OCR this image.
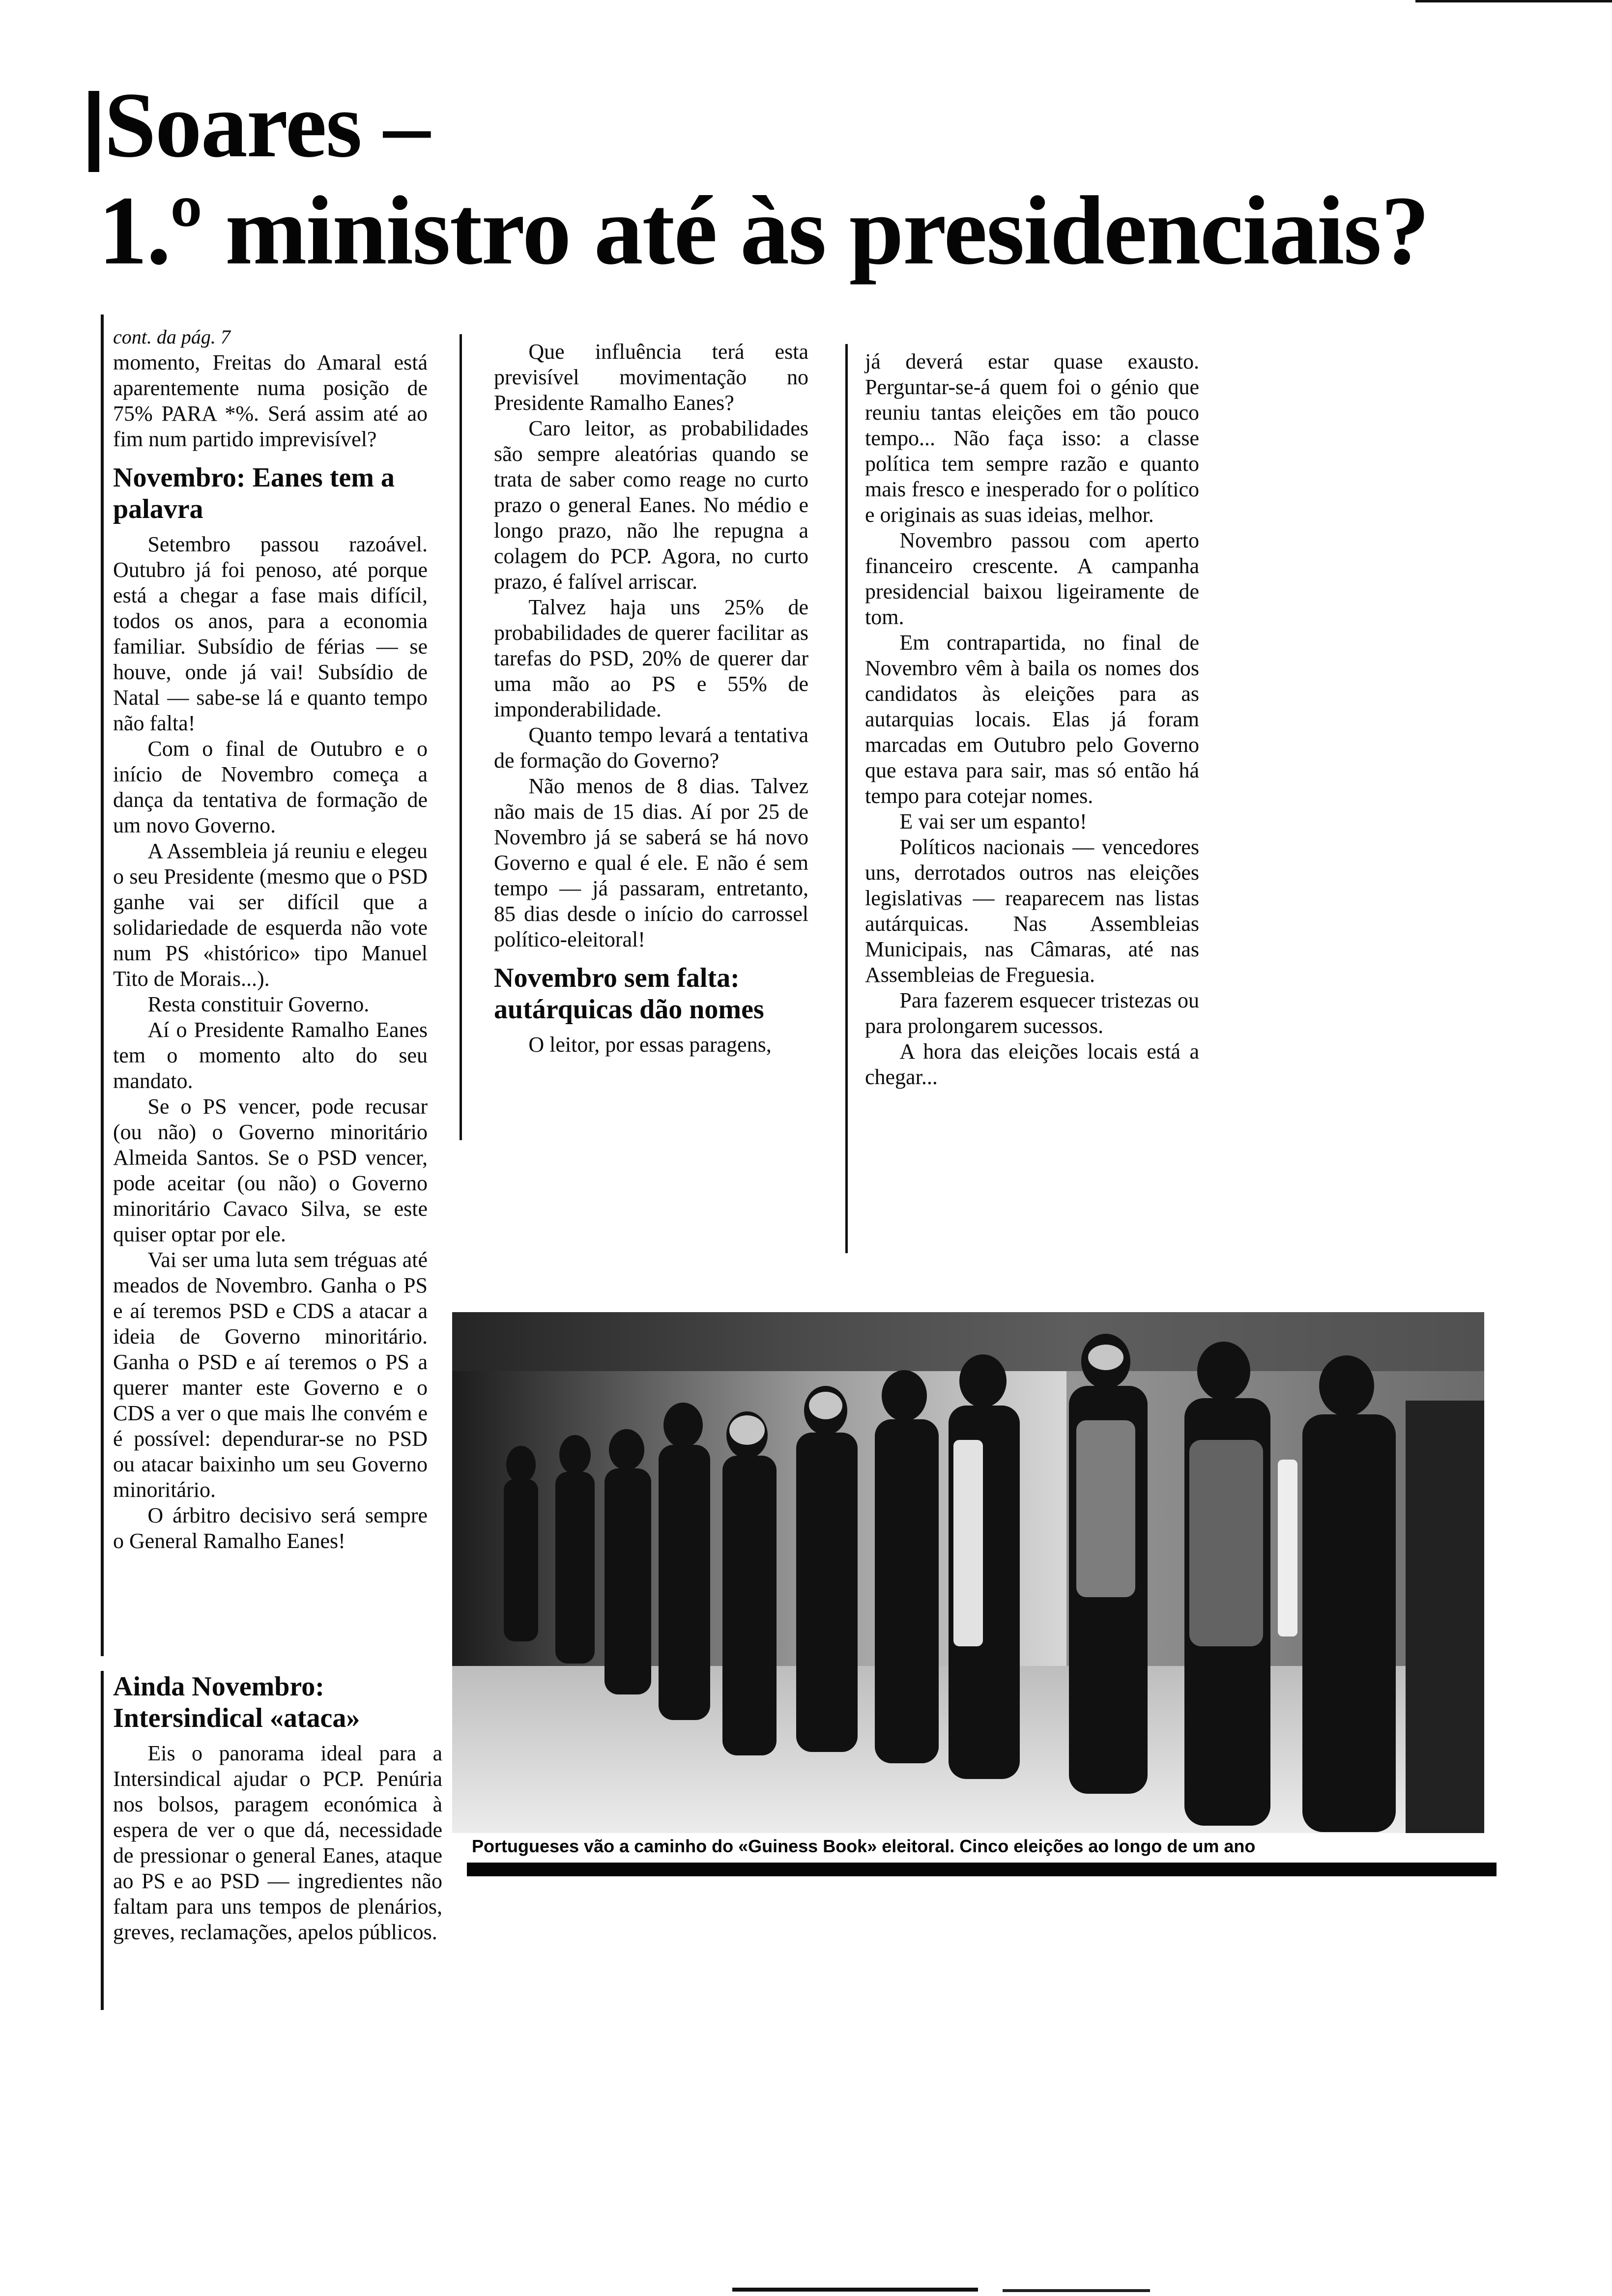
Soares –
1.º ministro até às presidenciais?

cont. da pág. 7

momento, Freitas do Amaral está aparentemente numa posição de 75% PARA *%. Será assim até ao fim num partido imprevisível?

Novembro: Eanes tem a palavra

Setembro passou razoável. Outubro já foi penoso, até porque está a chegar a fase mais difícil, todos os anos, para a economia familiar. Subsídio de férias — se houve, onde já vai! Subsídio de Natal — sabe-se lá e quanto tempo não falta!

Com o final de Outubro e o início de Novembro começa a dança da tentativa de formação de um novo Governo.

A Assembleia já reuniu e elegeu o seu Presidente (mesmo que o PSD ganhe vai ser difícil que a solidariedade de esquerda não vote num PS «histórico» tipo Manuel Tito de Morais...).

Resta constituir Governo.

Aí o Presidente Ramalho Eanes tem o momento alto do seu mandato.

Se o PS vencer, pode recusar (ou não) o Governo minoritário Almeida Santos. Se o PSD vencer, pode aceitar (ou não) o Governo minoritário Cavaco Silva, se este quiser optar por ele.

Vai ser uma luta sem tréguas até meados de Novembro. Ganha o PS e aí teremos PSD e CDS a atacar a ideia de Governo minoritário. Ganha o PSD e aí teremos o PS a querer manter este Governo e o CDS a ver o que mais lhe convém e é possível: dependurar-se no PSD ou atacar baixinho um seu Governo minoritário.

O árbitro decisivo será sempre o General Ramalho Eanes!

Ainda Novembro: Intersindical «ataca»

Eis o panorama ideal para a Intersindical ajudar o PCP. Penúria nos bolsos, paragem económica à espera de ver o que dá, necessidade de pressionar o general Eanes, ataque ao PS e ao PSD — ingredientes não faltam para uns tempos de plenários, greves, reclamações, apelos públicos.

Que influência terá esta previsível movimentação no Presidente Ramalho Eanes?

Caro leitor, as probabilidades são sempre aleatórias quando se trata de saber como reage no curto prazo o general Eanes. No médio e longo prazo, não lhe repugna a colagem do PCP. Agora, no curto prazo, é falível arriscar.

Talvez haja uns 25% de probabilidades de querer facilitar as tarefas do PSD, 20% de querer dar uma mão ao PS e 55% de imponderabilidade.

Quanto tempo levará a tentativa de formação do Governo?

Não menos de 8 dias. Talvez não mais de 15 dias. Aí por 25 de Novembro já se saberá se há novo Governo e qual é ele. E não é sem tempo — já passaram, entretanto, 85 dias desde o início do carrossel político-eleitoral!

Novembro sem falta: autárquicas dão nomes

O leitor, por essas paragens,

já deverá estar quase exausto. Perguntar-se-á quem foi o génio que reuniu tantas eleições em tão pouco tempo... Não faça isso: a classe política tem sempre razão e quanto mais fresco e inesperado for o político e originais as suas ideias, melhor.

Novembro passou com aperto financeiro crescente. A campanha presidencial baixou ligeiramente de tom.

Em contrapartida, no final de Novembro vêm à baila os nomes dos candidatos às eleições para as autarquias locais. Elas já foram marcadas em Outubro pelo Governo que estava para sair, mas só então há tempo para cotejar nomes.

E vai ser um espanto!

Políticos nacionais — vencedores uns, derrotados outros nas eleições legislativas — reaparecem nas listas autárquicas. Nas Assembleias Municipais, nas Câmaras, até nas Assembleias de Freguesia.

Para fazerem esquecer tristezas ou para prolongarem sucessos.

A hora das eleições locais está a chegar...

Portugueses vão a caminho do «Guiness Book» eleitoral. Cinco eleições ao longo de um ano
